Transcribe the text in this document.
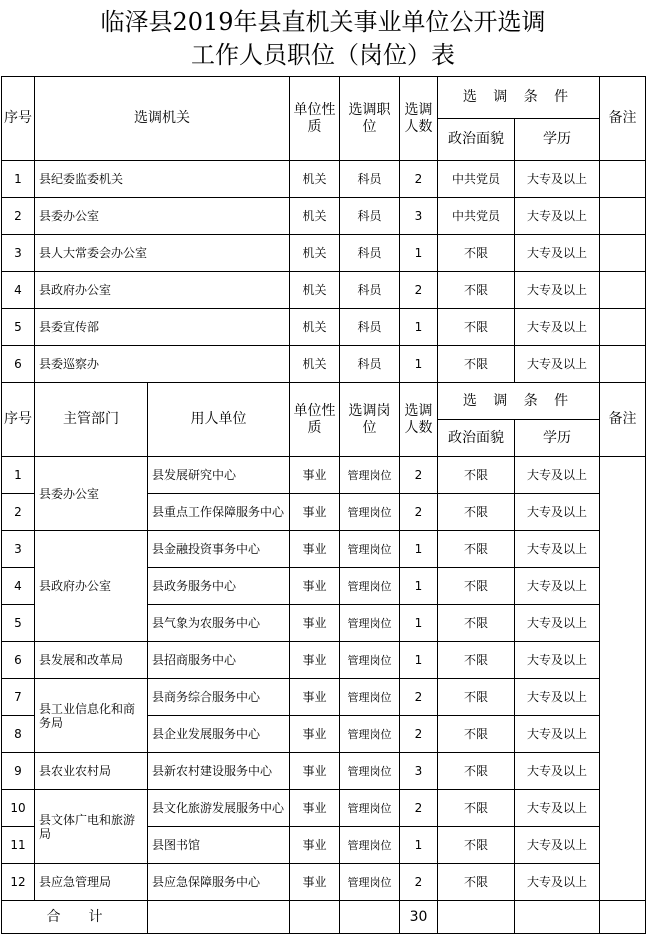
临泽县2019年县直机关事业单位公开选调
工作人员职位（岗位）表
序号	选调机关		单位性质	选调职位	选调人数	选 调 条 件		备注
						政治面貌	学历	
1	县纪委监委机关		机关	科员	2	中共党员	大专及以上	
2	县委办公室		机关	科员	3	中共党员	大专及以上	
3	县人大常委会办公室		机关	科员	1	不限	大专及以上	
4	县政府办公室		机关	科员	2	不限	大专及以上	
5	县委宣传部		机关	科员	1	不限	大专及以上	
6	县委巡察办		机关	科员	1	不限	大专及以上	
序号	主管部门	用人单位	单位性质	选调岗位	选调人数	选 调 条 件		备注
						政治面貌	学历	
1	县委办公室	县发展研究中心	事业	管理岗位	2	不限	大专及以上	
2		县重点工作保障服务中心	事业	管理岗位	2	不限	大专及以上	
3	县政府办公室	县金融投资事务中心	事业	管理岗位	1	不限	大专及以上	
4		县政务服务中心	事业	管理岗位	1	不限	大专及以上	
5		县气象为农服务中心	事业	管理岗位	1	不限	大专及以上	
6	县发展和改革局	县招商服务中心	事业	管理岗位	1	不限	大专及以上	
7	县工业信息化和商务局	县商务综合服务中心	事业	管理岗位	2	不限	大专及以上	
8		县企业发展服务中心	事业	管理岗位	2	不限	大专及以上	
9	县农业农村局	县新农村建设服务中心	事业	管理岗位	3	不限	大专及以上	
10	县文体广电和旅游局	县文化旅游发展服务中心	事业	管理岗位	2	不限	大专及以上	
11		县图书馆	事业	管理岗位	1	不限	大专及以上	
12	县应急管理局	县应急保障服务中心	事业	管理岗位	2	不限	大专及以上	
合　　计					30			
